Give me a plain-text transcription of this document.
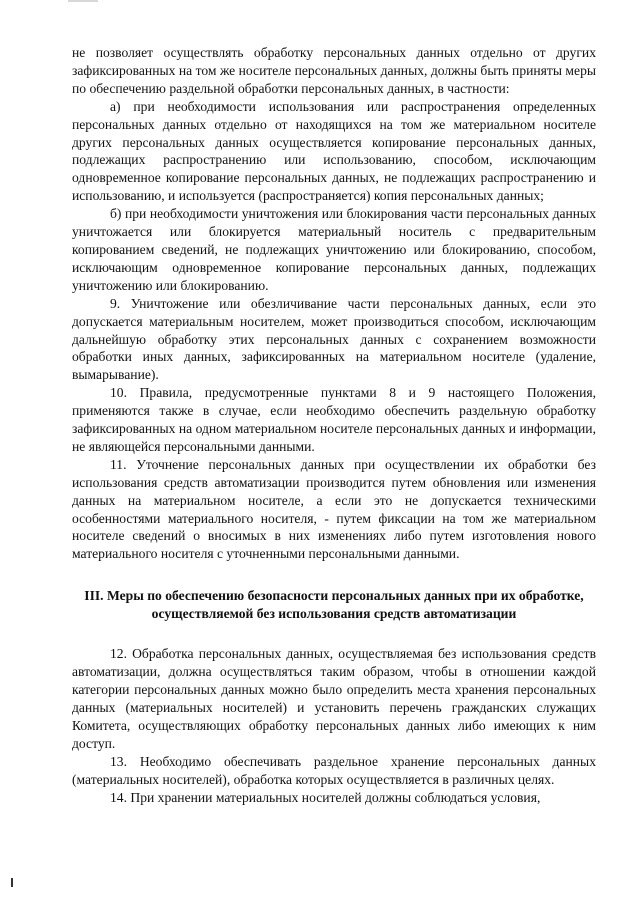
не позволяет осуществлять обработку персональных данных отдельно от других зафиксированных на том же носителе персональных данных, должны быть приняты меры по обеспечению раздельной обработки персональных данных, в частности:

а) при необходимости использования или распространения определенных персональных данных отдельно от находящихся на том же материальном носителе других персональных данных осуществляется копирование персональных данных, подлежащих распространению или использованию, способом, исключающим одновременное копирование персональных данных, не подлежащих распространению и использованию, и используется (распространяется) копия персональных данных;

б) при необходимости уничтожения или блокирования части персональных данных уничтожается или блокируется материальный носитель с предварительным копированием сведений, не подлежащих уничтожению или блокированию, способом, исключающим одновременное копирование персональных данных, подлежащих уничтожению или блокированию.

9. Уничтожение или обезличивание части персональных данных, если это допускается материальным носителем, может производиться способом, исключающим дальнейшую обработку этих персональных данных с сохранением возможности обработки иных данных, зафиксированных на материальном носителе (удаление, вымарывание).

10. Правила, предусмотренные пунктами 8 и 9 настоящего Положения, применяются также в случае, если необходимо обеспечить раздельную обработку зафиксированных на одном материальном носителе персональных данных и информации, не являющейся персональными данными.

11. Уточнение персональных данных при осуществлении их обработки без использования средств автоматизации производится путем обновления или изменения данных на материальном носителе, а если это не допускается техническими особенностями материального носителя, - путем фиксации на том же материальном носителе сведений о вносимых в них изменениях либо путем изготовления нового материального носителя с уточненными персональными данными.

III. Меры по обеспечению безопасности персональных данных при их обработке, осуществляемой без использования средств автоматизации

12. Обработка персональных данных, осуществляемая без использования средств автоматизации, должна осуществляться таким образом, чтобы в отношении каждой категории персональных данных можно было определить места хранения персональных данных (материальных носителей) и установить перечень гражданских служащих Комитета, осуществляющих обработку персональных данных либо имеющих к ним доступ.

13. Необходимо обеспечивать раздельное хранение персональных данных (материальных носителей), обработка которых осуществляется в различных целях.

14. При хранении материальных носителей должны соблюдаться условия,
